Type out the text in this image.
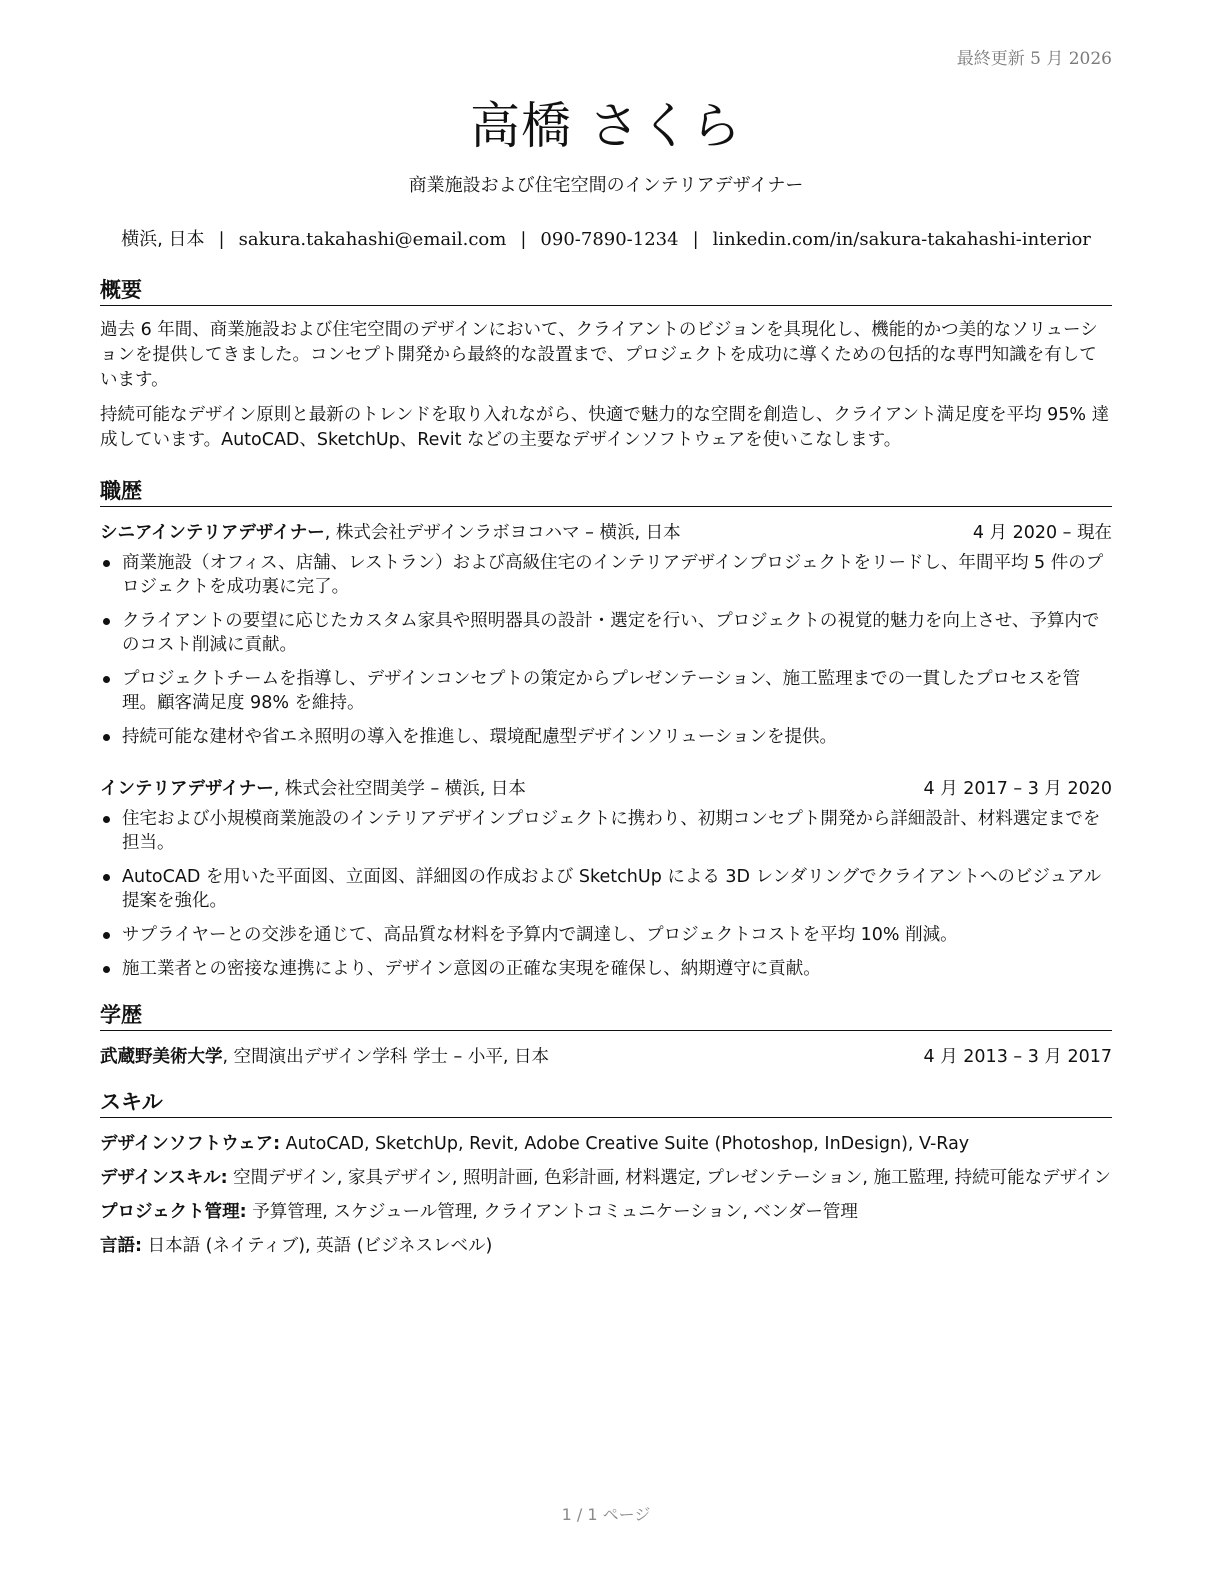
最終更新 5 月 2026
高橋 さくら
商業施設および住宅空間のインテリアデザイナー
横浜, 日本 | sakura.takahashi@email.com | 090-7890-1234 | linkedin.com/in/sakura-takahashi-interior
概要

過去 6 年間、商業施設および住宅空間のデザインにおいて、クライアントのビジョンを具現化し、機能的かつ美的なソリューションを提供してきました。コンセプト開発から最終的な設置まで、プロジェクトを成功に導くための包括的な専門知識を有しています。

持続可能なデザイン原則と最新のトレンドを取り入れながら、快適で魅力的な空間を創造し、クライアント満足度を平均 95% 達成しています。AutoCAD、SketchUp、Revit などの主要なデザインソフトウェアを使いこなします。

職歴
シニアインテリアデザイナー, 株式会社デザインラボヨコハマ – 横浜, 日本	4 月 2020 – 現在
商業施設（オフィス、店舗、レストラン）および高級住宅のインテリアデザインプロジェクトをリードし、年間平均 5 件のプロジェクトを成功裏に完了。
クライアントの要望に応じたカスタム家具や照明器具の設計・選定を行い、プロジェクトの視覚的魅力を向上させ、予算内でのコスト削減に貢献。
プロジェクトチームを指導し、デザインコンセプトの策定からプレゼンテーション、施工監理までの一貫したプロセスを管理。顧客満足度 98% を維持。
持続可能な建材や省エネ照明の導入を推進し、環境配慮型デザインソリューションを提供。
インテリアデザイナー, 株式会社空間美学 – 横浜, 日本	4 月 2017 – 3 月 2020
住宅および小規模商業施設のインテリアデザインプロジェクトに携わり、初期コンセプト開発から詳細設計、材料選定までを担当。
AutoCAD を用いた平面図、立面図、詳細図の作成および SketchUp による 3D レンダリングでクライアントへのビジュアル提案を強化。
サプライヤーとの交渉を通じて、高品質な材料を予算内で調達し、プロジェクトコストを平均 10% 削減。
施工業者との密接な連携により、デザイン意図の正確な実現を確保し、納期遵守に貢献。
学歴
武蔵野美術大学, 空間演出デザイン学科 学士 – 小平, 日本	4 月 2013 – 3 月 2017
スキル
デザインソフトウェア: AutoCAD, SketchUp, Revit, Adobe Creative Suite (Photoshop, InDesign), V-Ray
デザインスキル: 空間デザイン, 家具デザイン, 照明計画, 色彩計画, 材料選定, プレゼンテーション, 施工監理, 持続可能なデザイン
プロジェクト管理: 予算管理, スケジュール管理, クライアントコミュニケーション, ベンダー管理
言語: 日本語 (ネイティブ), 英語 (ビジネスレベル)
1 / 1 ページ
